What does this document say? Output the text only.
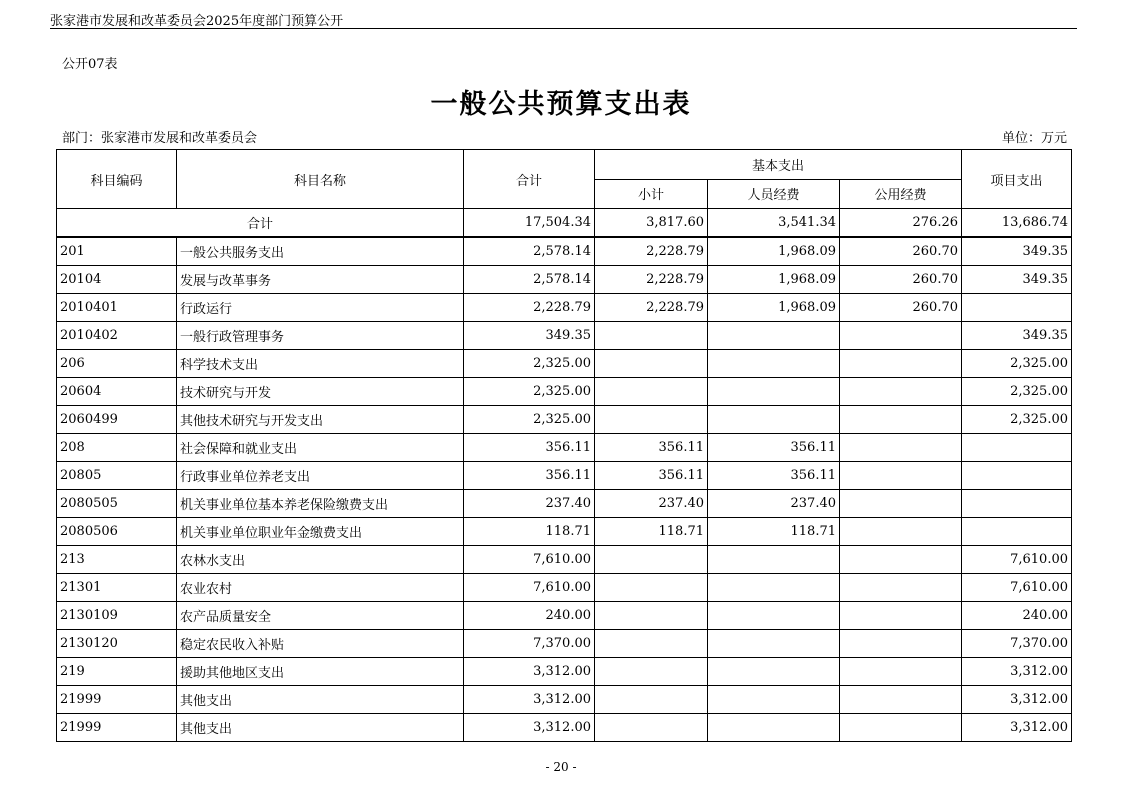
张家港市发展和改革委员会2025年度部门预算公开
公开07表
一般公共预算支出表
部门：张家港市发展和改革委员会	单位：万元
科目编码	科目名称	合计	基本支出			项目支出
			小计	人员经费	公用经费	
合计		17,504.34	3,817.60	3,541.34	276.26	13,686.74
201	一般公共服务支出	2,578.14	2,228.79	1,968.09	260.70	349.35
20104	发展与改革事务	2,578.14	2,228.79	1,968.09	260.70	349.35
2010401	行政运行	2,228.79	2,228.79	1,968.09	260.70	
2010402	一般行政管理事务	349.35				349.35
206	科学技术支出	2,325.00				2,325.00
20604	技术研究与开发	2,325.00				2,325.00
2060499	其他技术研究与开发支出	2,325.00				2,325.00
208	社会保障和就业支出	356.11	356.11	356.11		
20805	行政事业单位养老支出	356.11	356.11	356.11		
2080505	机关事业单位基本养老保险缴费支出	237.40	237.40	237.40		
2080506	机关事业单位职业年金缴费支出	118.71	118.71	118.71		
213	农林水支出	7,610.00				7,610.00
21301	农业农村	7,610.00				7,610.00
2130109	农产品质量安全	240.00				240.00
2130120	稳定农民收入补贴	7,370.00				7,370.00
219	援助其他地区支出	3,312.00				3,312.00
21999	其他支出	3,312.00				3,312.00
21999	其他支出	3,312.00				3,312.00
- 20 -
